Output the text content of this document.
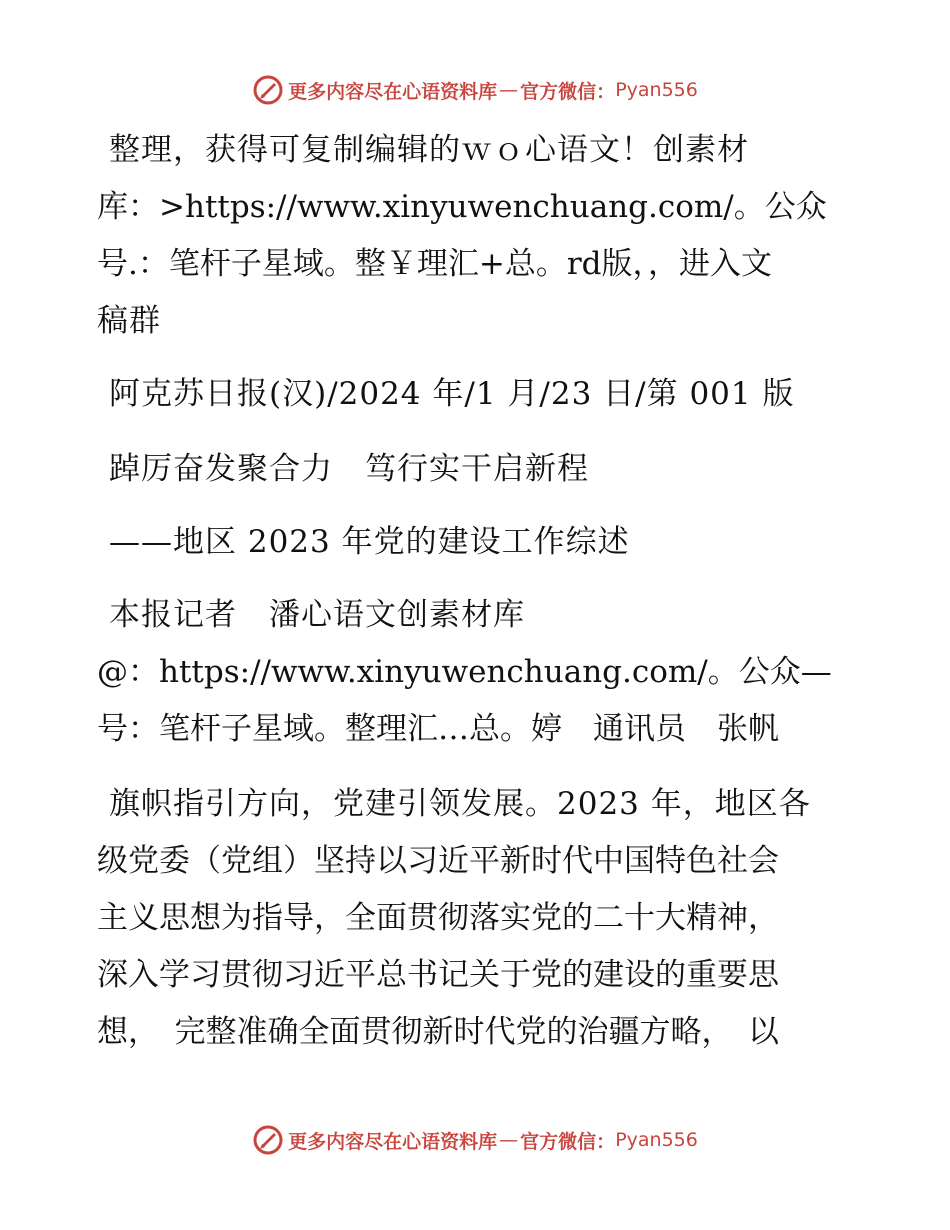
更多内容尽在心语资料库 — 官方微信： Pyan556
整理，获得可复制编辑的ｗｏ心语文！创素材
库：>https://www.xinyuwenchuang.com/。公众
号.：笔杆子星域。整￥理汇+总。rd版，，进入文
稿群
阿克苏日报(汉)/2024 年/1 月/23 日/第 001 版
踔厉奋发聚合力　笃行实干启新程
——地区 2023 年党的建设工作综述
本报记者　潘心语文创素材库
@：https://www.xinyuwenchuang.com/。公众—
号：笔杆子星域。整理汇…总。婷　通讯员　张帆
旗帜指引方向，党建引领发展。2023 年，地区各
级党委（党组）坚持以习近平新时代中国特色社会
主义思想为指导，全面贯彻落实党的二十大精神，
深入学习贯彻习近平总书记关于党的建设的重要思
想，　完整准确全面贯彻新时代党的治疆方略，　以
更多内容尽在心语资料库 — 官方微信： Pyan556
